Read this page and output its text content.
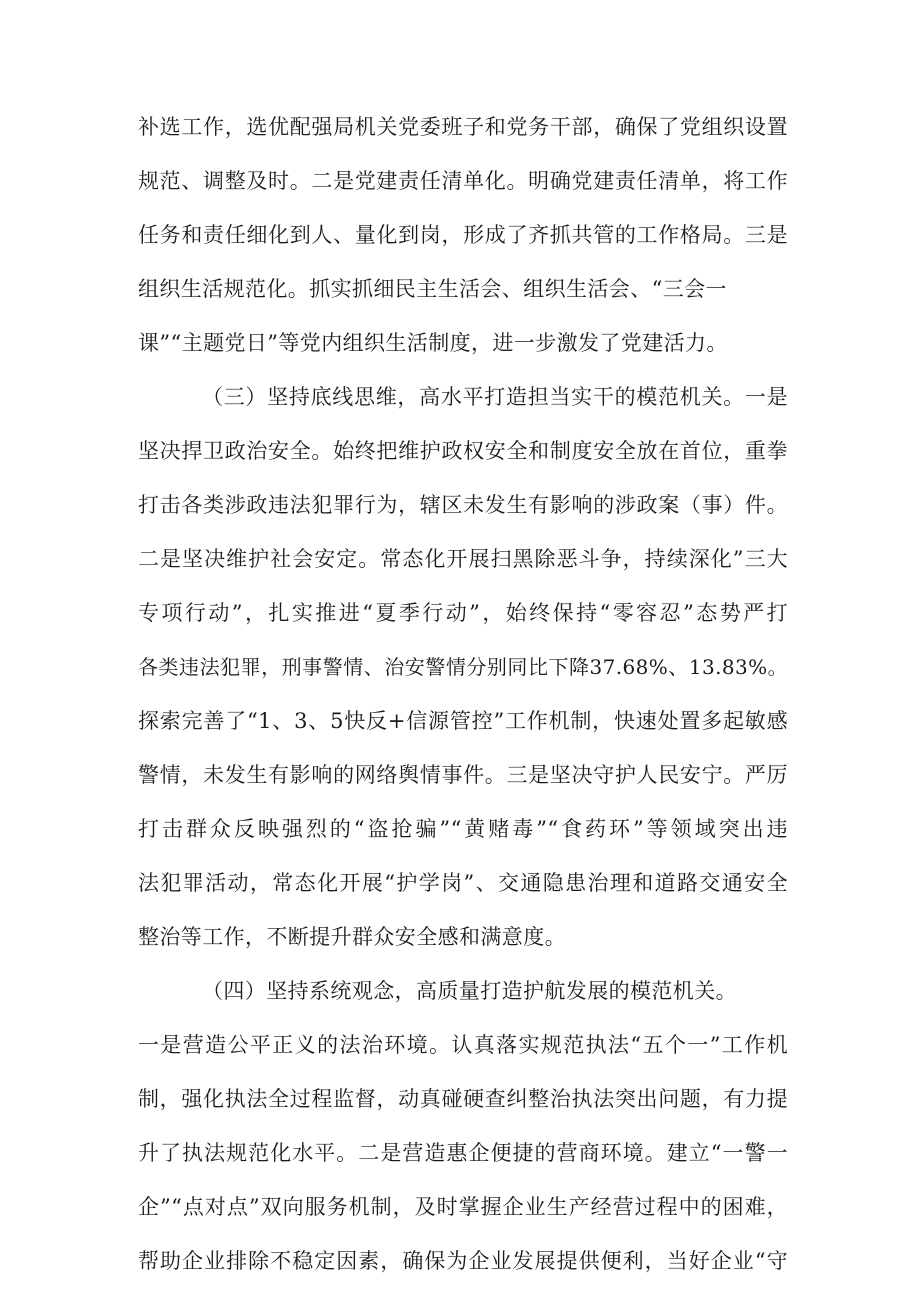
补选工作，选优配强局机关党委班子和党务干部，确保了党组织设置
规范、调整及时。二是党建责任清单化。明确党建责任清单，将工作
任务和责任细化到人、量化到岗，形成了齐抓共管的工作格局。三是
组织生活规范化。抓实抓细民主生活会、组织生活会、“三会一
课”“主题党日”等党内组织生活制度，进一步激发了党建活力。
（三）坚持底线思维，高水平打造担当实干的模范机关。一是
坚决捍卫政治安全。始终把维护政权安全和制度安全放在首位，重拳
打击各类涉政违法犯罪行为，辖区未发生有影响的涉政案（事）件。
二是坚决维护社会安定。常态化开展扫黑除恶斗争，持续深化”三大
专项行动”，扎实推进“夏季行动”，始终保持“零容忍”态势严打
各类违法犯罪，刑事警情、治安警情分别同比下降37.68%、13.83%。
探索完善了“1、3、5快反+信源管控”工作机制，快速处置多起敏感
警情，未发生有影响的网络舆情事件。三是坚决守护人民安宁。严厉
打击群众反映强烈的“盗抢骗”“黄赌毒”“食药环”等领域突出违
法犯罪活动，常态化开展“护学岗”、交通隐患治理和道路交通安全
整治等工作，不断提升群众安全感和满意度。
（四）坚持系统观念，高质量打造护航发展的模范机关。
一是营造公平正义的法治环境。认真落实规范执法“五个一”工作机
制，强化执法全过程监督，动真碰硬查纠整治执法突出问题，有力提
升了执法规范化水平。二是营造惠企便捷的营商环境。建立“一警一
企”“点对点”双向服务机制，及时掌握企业生产经营过程中的困难，
帮助企业排除不稳定因素，确保为企业发展提供便利，当好企业“守
